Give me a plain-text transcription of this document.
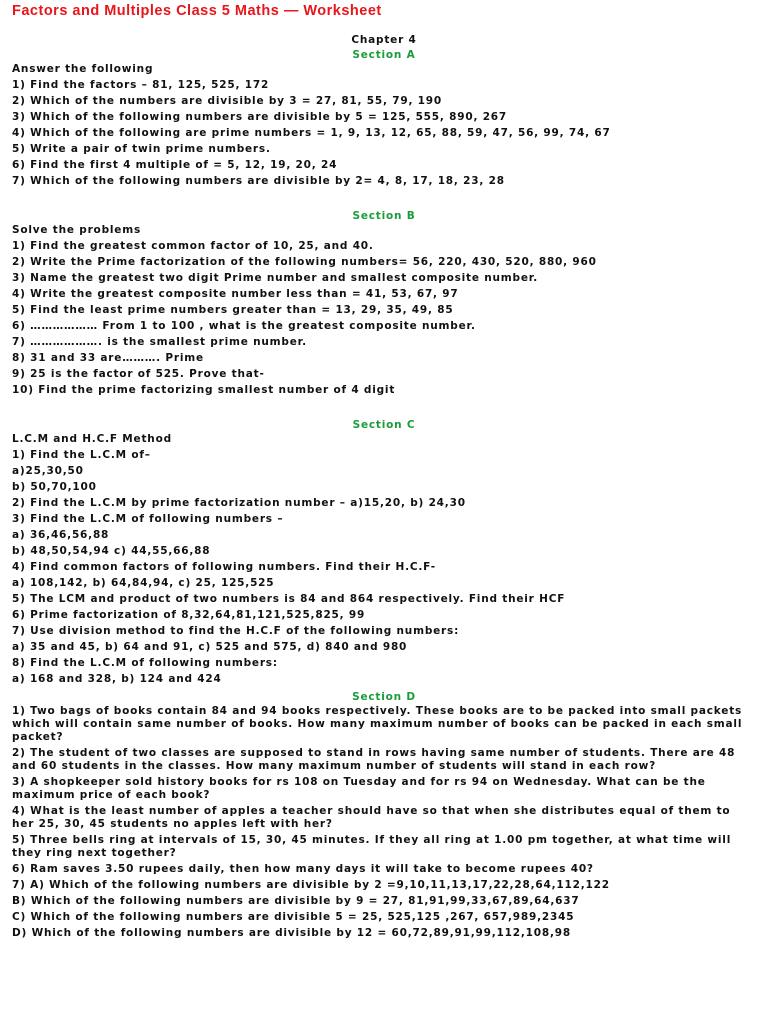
Factors and Multiples Class 5 Maths — Worksheet
Chapter 4
Section A

Answer the following

1) Find the factors – 81, 125, 525, 172

2) Which of the numbers are divisible by 3 = 27, 81, 55, 79, 190

3) Which of the following numbers are divisible by 5 = 125, 555, 890, 267

4) Which of the following are prime numbers = 1, 9, 13, 12, 65, 88, 59, 47, 56, 99, 74, 67

5) Write a pair of twin prime numbers.

6) Find the first 4 multiple of = 5, 12, 19, 20, 24

7) Which of the following numbers are divisible by 2= 4, 8, 17, 18, 23, 28

Section B

Solve the problems

1) Find the greatest common factor of 10, 25, and 40.

2) Write the Prime factorization of the following numbers= 56, 220, 430, 520, 880, 960

3) Name the greatest two digit Prime number and smallest composite number.

4) Write the greatest composite number less than = 41, 53, 67, 97

5) Find the least prime numbers greater than = 13, 29, 35, 49, 85

6) ……………… From 1 to 100 , what is the greatest composite number.

7) ………………. is the smallest prime number.

8) 31 and 33 are………. Prime

9) 25 is the factor of 525. Prove that-

10) Find the prime factorizing smallest number of 4 digit

Section C

L.C.M and H.C.F Method

1) Find the L.C.M of–

a)25,30,50

b) 50,70,100

2) Find the L.C.M by prime factorization number – a)15,20, b) 24,30

3) Find the L.C.M of following numbers –

a) 36,46,56,88

b) 48,50,54,94 c) 44,55,66,88

4) Find common factors of following numbers. Find their H.C.F-

a) 108,142, b) 64,84,94, c) 25, 125,525

5) The LCM and product of two numbers is 84 and 864 respectively. Find their HCF

6) Prime factorization of 8,32,64,81,121,525,825, 99

7) Use division method to find the H.C.F of the following numbers:

a) 35 and 45, b) 64 and 91, c) 525 and 575, d) 840 and 980

8) Find the L.C.M of following numbers:

a) 168 and 328, b) 124 and 424

Section D

1) Two bags of books contain 84 and 94 books respectively. These books are to be packed into small packets which will contain same number of books. How many maximum number of books can be packed in each small packet?

2) The student of two classes are supposed to stand in rows having same number of students. There are 48 and 60 students in the classes. How many maximum number of students will stand in each row?

3) A shopkeeper sold history books for rs 108 on Tuesday and for rs 94 on Wednesday. What can be the maximum price of each book?

4) What is the least number of apples a teacher should have so that when she distributes equal of them to her 25, 30, 45 students no apples left with her?

5) Three bells ring at intervals of 15, 30, 45 minutes. If they all ring at 1.00 pm together, at what time will they ring next together?

6) Ram saves 3.50 rupees daily, then how many days it will take to become rupees 40?

7) A) Which of the following numbers are divisible by 2 =9,10,11,13,17,22,28,64,112,122

B) Which of the following numbers are divisible by 9 = 27, 81,91,99,33,67,89,64,637

C) Which of the following numbers are divisible 5 = 25, 525,125 ,267, 657,989,2345

D) Which of the following numbers are divisible by 12 = 60,72,89,91,99,112,108,98
